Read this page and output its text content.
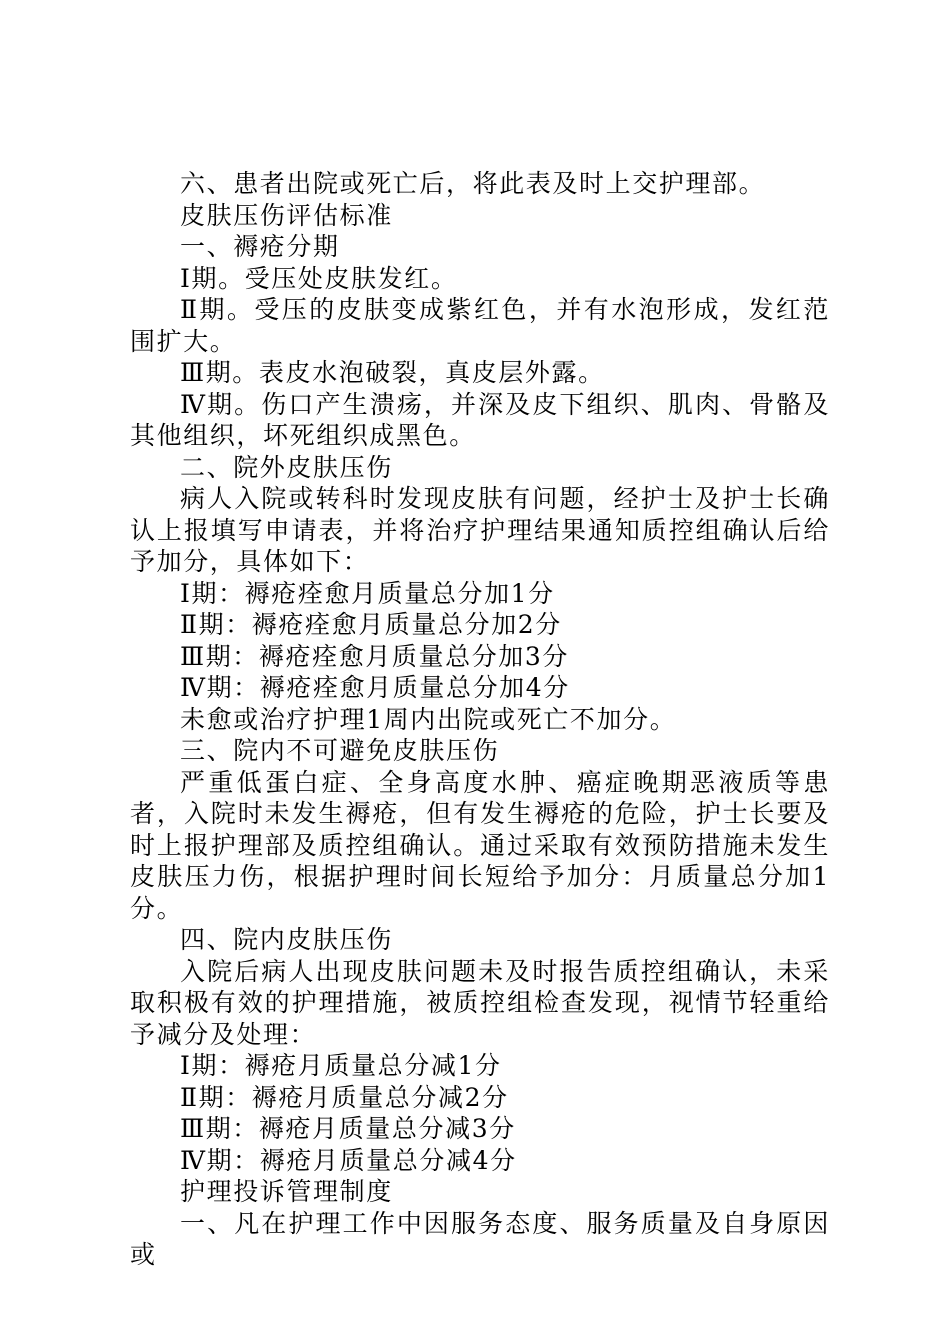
六、患者出院或死亡后，将此表及时上交护理部。

皮肤压伤评估标准

一、褥疮分期

Ⅰ期。受压处皮肤发红。

Ⅱ期。受压的皮肤变成紫红色，并有水泡形成，发红范围扩大。

Ⅲ期。表皮水泡破裂，真皮层外露。

Ⅳ期。伤口产生溃疡，并深及皮下组织、肌肉、骨骼及其他组织，坏死组织成黑色。

二、院外皮肤压伤

病人入院或转科时发现皮肤有问题，经护士及护士长确认上报填写申请表，并将治疗护理结果通知质控组确认后给予加分，具体如下：

Ⅰ期：褥疮痊愈月质量总分加1分

Ⅱ期：褥疮痊愈月质量总分加2分

Ⅲ期：褥疮痊愈月质量总分加3分

Ⅳ期：褥疮痊愈月质量总分加4分

未愈或治疗护理1周内出院或死亡不加分。

三、院内不可避免皮肤压伤

严重低蛋白症、全身高度水肿、癌症晚期恶液质等患者，入院时未发生褥疮，但有发生褥疮的危险，护士长要及时上报护理部及质控组确认。通过采取有效预防措施未发生皮肤压力伤，根据护理时间长短给予加分：月质量总分加1分。

四、院内皮肤压伤

入院后病人出现皮肤问题未及时报告质控组确认，未采取积极有效的护理措施，被质控组检查发现，视情节轻重给予减分及处理：

Ⅰ期：褥疮月质量总分减1分

Ⅱ期：褥疮月质量总分减2分

Ⅲ期：褥疮月质量总分减3分

Ⅳ期：褥疮月质量总分减4分

护理投诉管理制度

一、凡在护理工作中因服务态度、服务质量及自身原因或
